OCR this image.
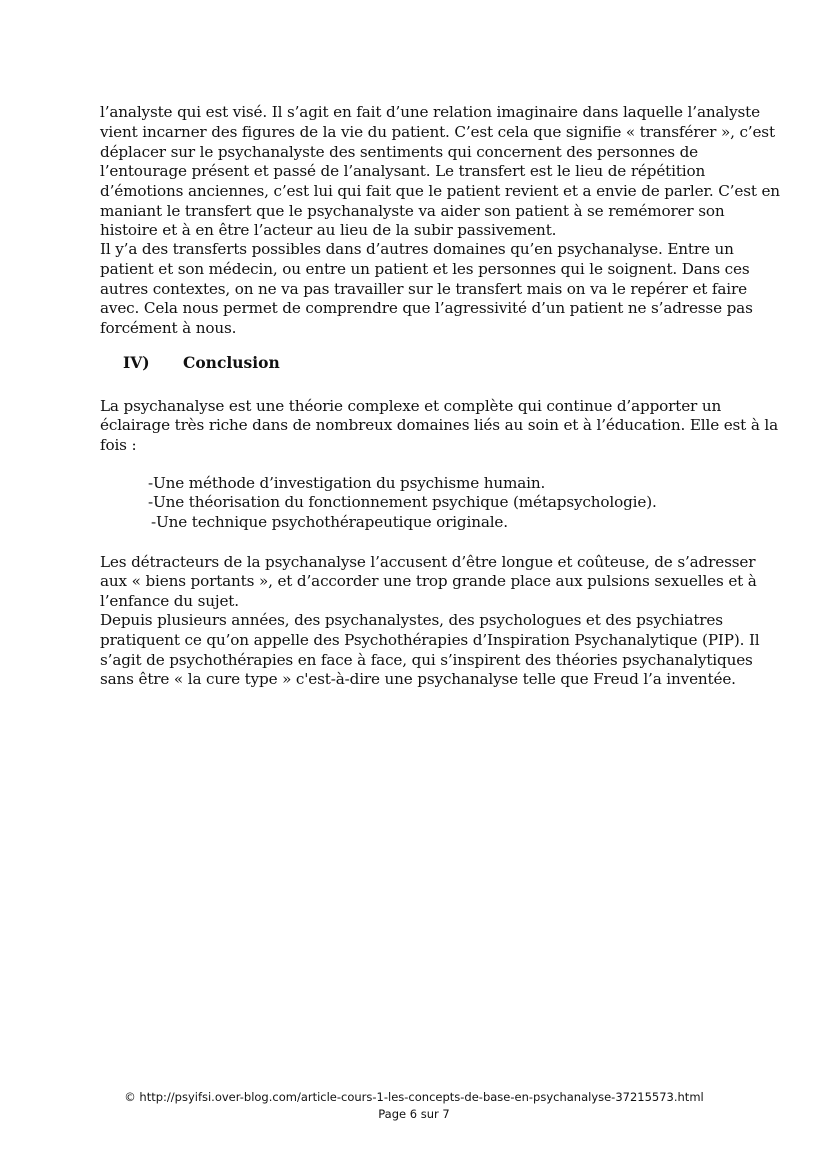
l’analyste qui est visé. Il s’agit en fait d’une relation imaginaire dans laquelle l’analyste
vient incarner des figures de la vie du patient. C’est cela que signifie « transférer », c’est
déplacer sur le psychanalyste des sentiments qui concernent des personnes de
l’entourage présent et passé de l’analysant. Le transfert est le lieu de répétition
d’émotions anciennes, c’est lui qui fait que le patient revient et a envie de parler. C’est en
maniant le transfert que le psychanalyste va aider son patient à se remémorer son
histoire et à en être l’acteur au lieu de la subir passivement.
Il y’a des transferts possibles dans d’autres domaines qu’en psychanalyse. Entre un
patient et son médecin, ou entre un patient et les personnes qui le soignent. Dans ces
autres contextes, on ne va pas travailler sur le transfert mais on va le repérer et faire
avec. Cela nous permet de comprendre que l’agressivité d’un patient ne s’adresse pas
forcément à nous.
IV) Conclusion
La psychanalyse est une théorie complexe et complète qui continue d’apporter un
éclairage très riche dans de nombreux domaines liés au soin et à l’éducation. Elle est à la
fois :
-Une méthode d’investigation du psychisme humain.
-Une théorisation du fonctionnement psychique (métapsychologie).
-Une technique psychothérapeutique originale.
Les détracteurs de la psychanalyse l’accusent d’être longue et coûteuse, de s’adresser
aux « biens portants », et d’accorder une trop grande place aux pulsions sexuelles et à
l’enfance du sujet.
Depuis plusieurs années, des psychanalystes, des psychologues et des psychiatres
pratiquent ce qu’on appelle des Psychothérapies d’Inspiration Psychanalytique (PIP). Il
s’agit de psychothérapies en face à face, qui s’inspirent des théories psychanalytiques
sans être « la cure type » c'est-à-dire une psychanalyse telle que Freud l’a inventée.
© http://psyifsi.over-blog.com/article-cours-1-les-concepts-de-base-en-psychanalyse-37215573.html
Page 6 sur 7
